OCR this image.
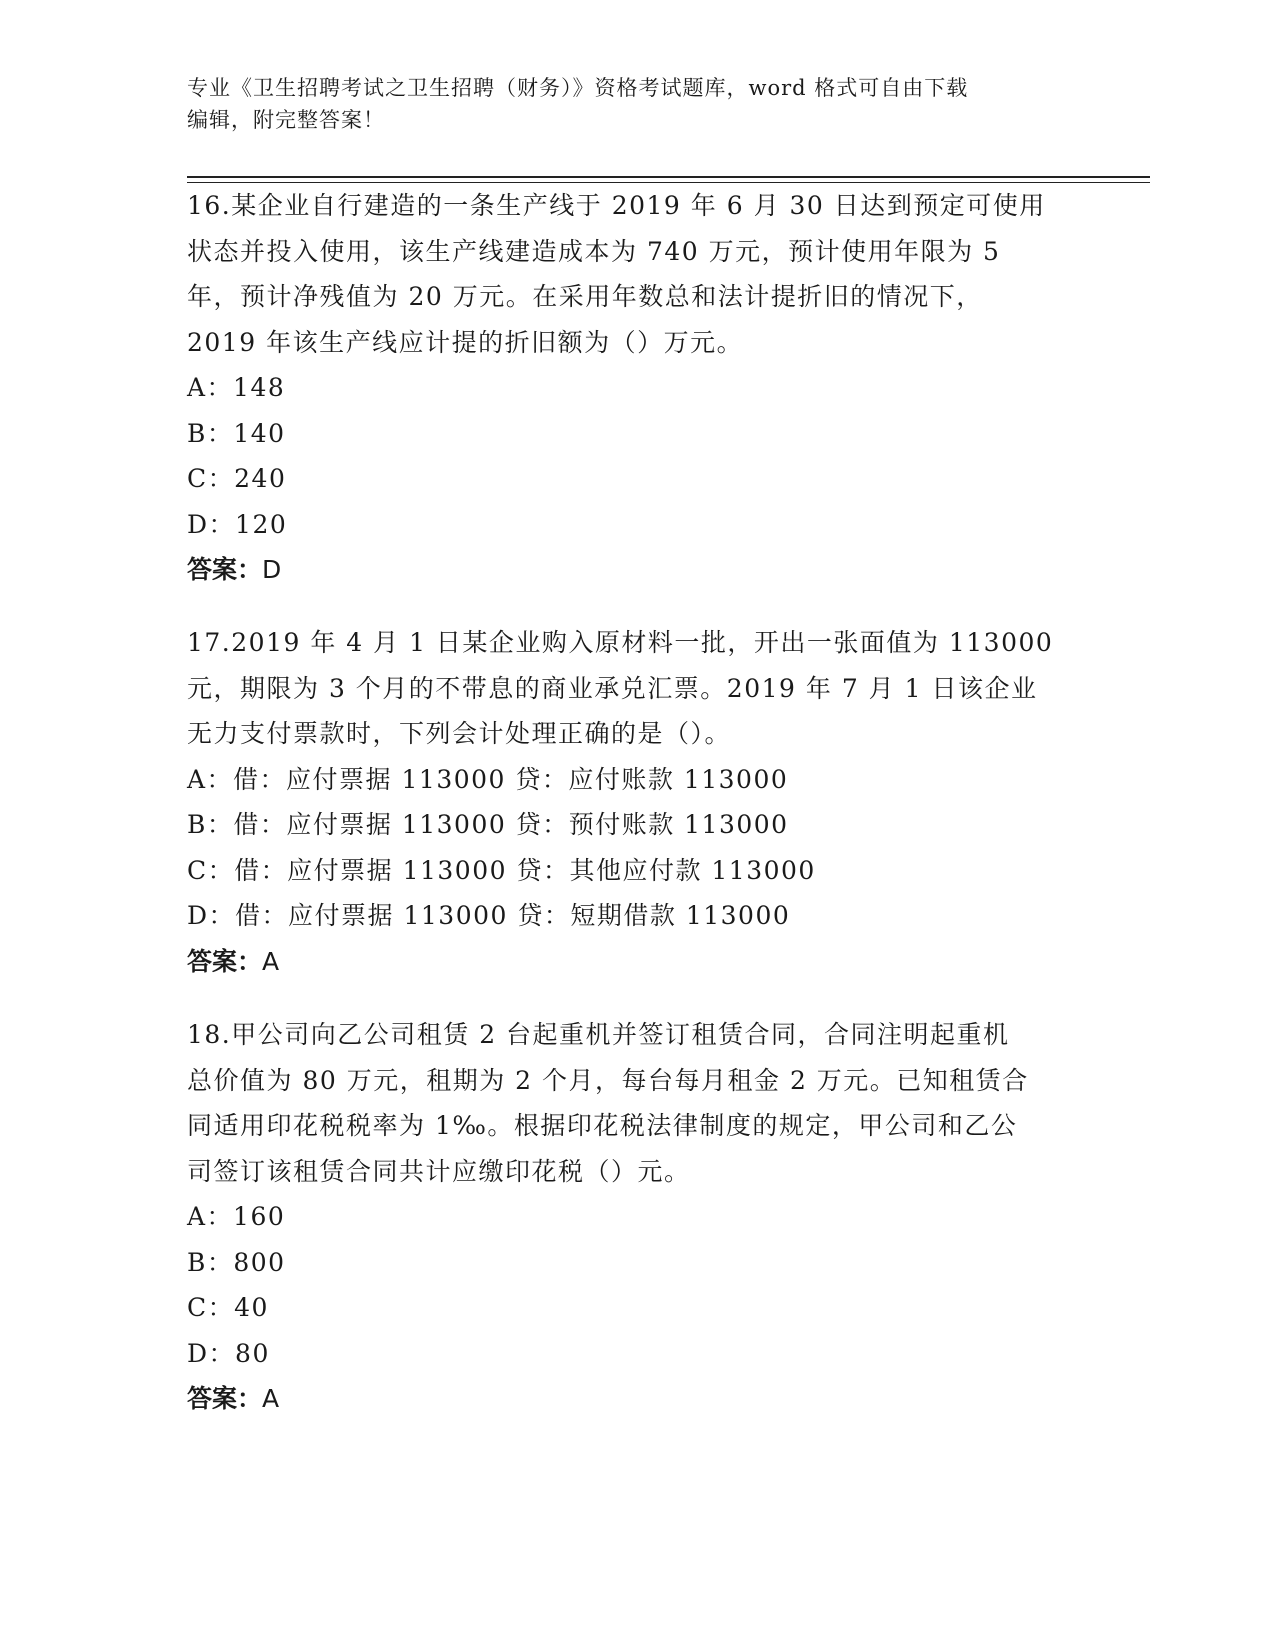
专业《卫生招聘考试之卫生招聘（财务）》资格考试题库，word 格式可自由下载
编辑，附完整答案！

16.某企业自行建造的一条生产线于 2019 年 6 月 30 日达到预定可使用

状态并投入使用，该生产线建造成本为 740 万元，预计使用年限为 5

年，预计净残值为 20 万元。在采用年数总和法计提折旧的情况下，

2019 年该生产线应计提的折旧额为（）万元。

A：148

B：140

C：240

D：120

答案：D

17.2019 年 4 月 1 日某企业购入原材料一批，开出一张面值为 113000

元，期限为 3 个月的不带息的商业承兑汇票。2019 年 7 月 1 日该企业

无力支付票款时，下列会计处理正确的是（）。

A：借：应付票据 113000 贷：应付账款 113000

B：借：应付票据 113000 贷：预付账款 113000

C：借：应付票据 113000 贷：其他应付款 113000

D：借：应付票据 113000 贷：短期借款 113000

答案：A

18.甲公司向乙公司租赁 2 台起重机并签订租赁合同，合同注明起重机

总价值为 80 万元，租期为 2 个月，每台每月租金 2 万元。已知租赁合

同适用印花税税率为 1‰。根据印花税法律制度的规定，甲公司和乙公

司签订该租赁合同共计应缴印花税（）元。

A：160

B：800

C：40

D：80

答案：A
